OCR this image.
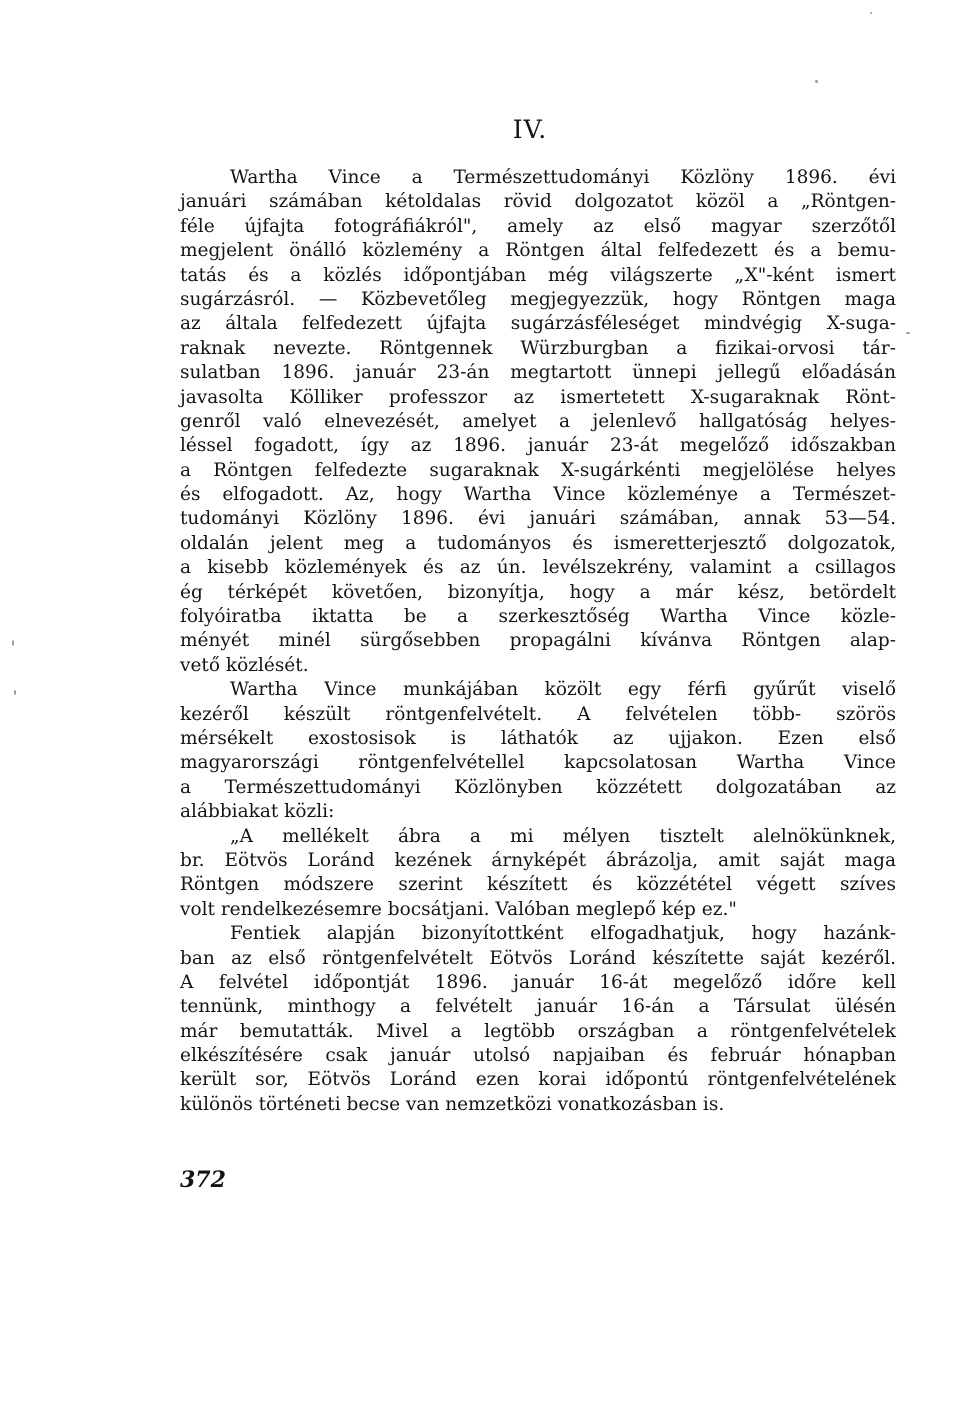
IV.
Wartha Vince a Természettudományi Közlöny 1896. évi
januári számában kétoldalas rövid dolgozatot közöl a „Röntgen-
féle újfajta fotográfiákról", amely az első magyar szerzőtől
megjelent önálló közlemény a Röntgen által felfedezett és a bemu-
tatás és a közlés időpontjában még világszerte „X"-ként ismert
sugárzásról. — Közbevetőleg megjegyezzük, hogy Röntgen maga
az általa felfedezett újfajta sugárzásféleséget mindvégig X-suga-
raknak nevezte. Röntgennek Würzburgban a fizikai-orvosi tár-
sulatban 1896. január 23-án megtartott ünnepi jellegű előadásán
javasolta Kölliker professzor az ismertetett X-sugaraknak Rönt-
genről való elnevezését, amelyet a jelenlevő hallgatóság helyes-
léssel fogadott, így az 1896. január 23-át megelőző időszakban
a Röntgen felfedezte sugaraknak X-sugárkénti megjelölése helyes
és elfogadott. Az, hogy Wartha Vince közleménye a Természet-
tudományi Közlöny 1896. évi januári számában, annak 53—54.
oldalán jelent meg a tudományos és ismeretterjesztő dolgozatok,
a kisebb közlemények és az ún. levélszekrény, valamint a csillagos
ég térképét követően, bizonyítja, hogy a már kész, betördelt
folyóiratba iktatta be a szerkesztőség Wartha Vince közle-
ményét minél sürgősebben propagálni kívánva Röntgen alap-
vető közlését.
Wartha Vince munkájában közölt egy férfi gyűrűt viselő
kezéről készült röntgenfelvételt. A felvételen több- szörös
mérsékelt exostosisok is láthatók az ujjakon. Ezen első
magyarországi röntgenfelvétellel kapcsolatosan Wartha Vince
a Természettudományi Közlönyben közzétett dolgozatában az
alábbiakat közli:
„A mellékelt ábra a mi mélyen tisztelt alelnökünknek,
br. Eötvös Loránd kezének árnyképét ábrázolja, amit saját maga
Röntgen módszere szerint készített és közzététel végett szíves
volt rendelkezésemre bocsátjani. Valóban meglepő kép ez."
Fentiek alapján bizonyítottként elfogadhatjuk, hogy hazánk-
ban az első röntgenfelvételt Eötvös Loránd készítette saját kezéről.
A felvétel időpontját 1896. január 16-át megelőző időre kell
tennünk, minthogy a felvételt január 16-án a Társulat ülésén
már bemutatták. Mivel a legtöbb országban a röntgenfelvételek
elkészítésére csak január utolsó napjaiban és február hónapban
került sor, Eötvös Loránd ezen korai időpontú röntgenfelvételének
különös történeti becse van nemzetközi vonatkozásban is.
372
